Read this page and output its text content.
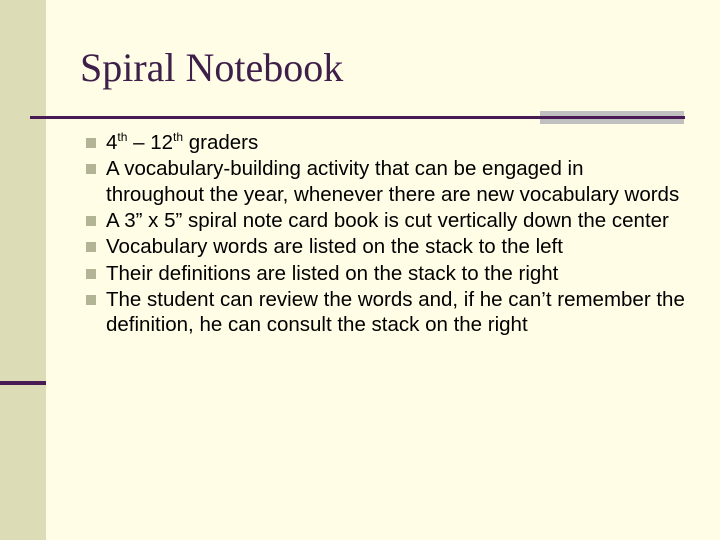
Spiral Notebook
4th – 12th graders
A vocabulary-building activity that can be engaged in throughout the year, whenever there are new vocabulary words
A 3” x 5” spiral note card book is cut vertically down the center
Vocabulary words are listed on the stack to the left
Their definitions are listed on the stack to the right
The student can review the words and, if he can’t remember the definition, he can consult the stack on the right
